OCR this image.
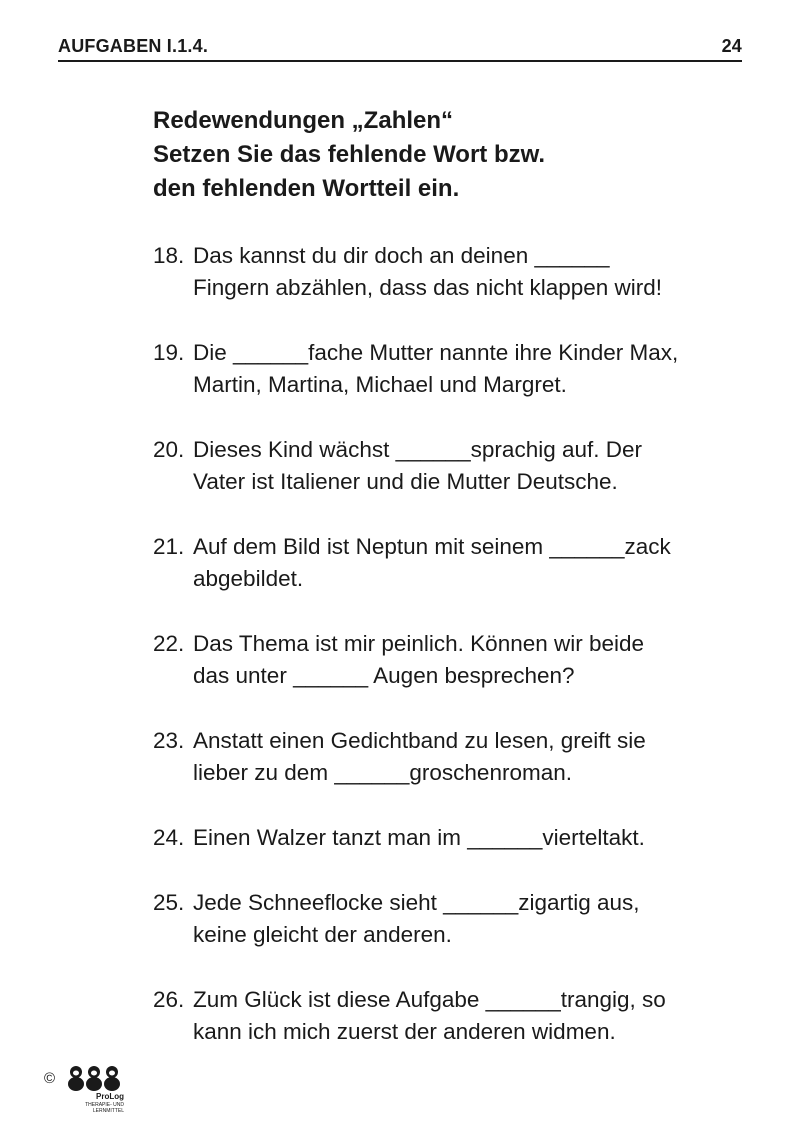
AUFGABEN I.1.4.	24
Redewendungen „Zahlen“
Setzen Sie das fehlende Wort bzw.
den fehlenden Wortteil ein.
18. Das kannst du dir doch an deinen ______
Fingern abzählen, dass das nicht klappen wird!
19. Die ______fache Mutter nannte ihre Kinder Max,
Martin, Martina, Michael und Margret.
20. Dieses Kind wächst ______sprachig auf. Der
Vater ist Italiener und die Mutter Deutsche.
21. Auf dem Bild ist Neptun mit seinem ______zack
abgebildet.
22. Das Thema ist mir peinlich. Können wir beide
das unter ______ Augen besprechen?
23. Anstatt einen Gedichtband zu lesen, greift sie
lieber zu dem ______groschenroman.
24. Einen Walzer tanzt man im ______vierteltakt.
25. Jede Schneeflocke sieht ______zigartig aus,
keine gleicht der anderen.
26. Zum Glück ist diese Aufgabe ______trangig, so
kann ich mich zuerst der anderen widmen.
©
ProLog
THERAPIE- UND
LERNMITTEL
